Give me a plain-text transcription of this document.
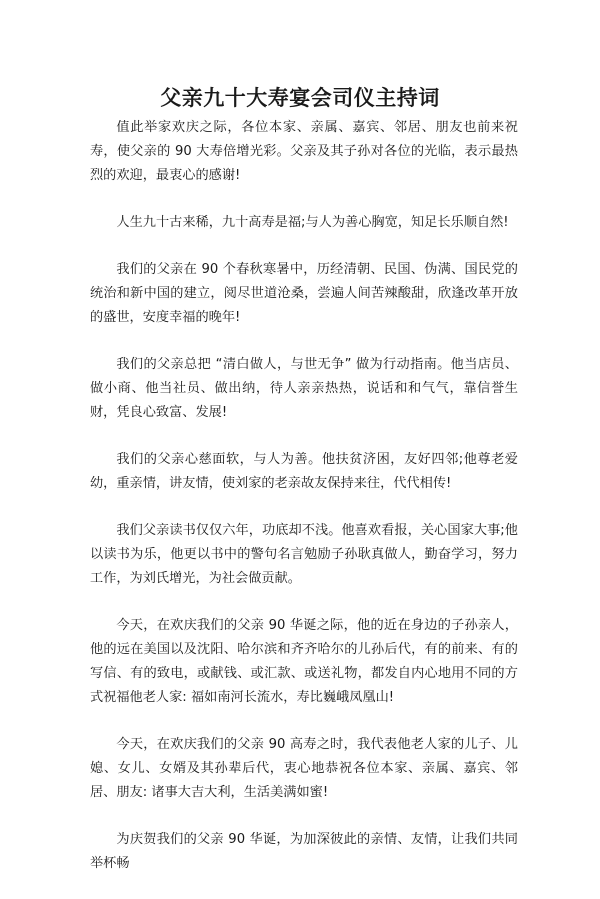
父亲九十大寿宴会司仪主持词

值此举家欢庆之际，各位本家、亲属、嘉宾、邻居、朋友也前来祝寿，使父亲的 90 大寿倍增光彩。父亲及其子孙对各位的光临，表示最热烈的欢迎，最衷心的感谢!

人生九十古来稀，九十高寿是福;与人为善心胸宽，知足长乐顺自然!

我们的父亲在 90 个春秋寒暑中，历经清朝、民国、伪满、国民党的统治和新中国的建立，阅尽世道沧桑，尝遍人间苦辣酸甜，欣逢改革开放的盛世，安度幸福的晚年!

我们的父亲总把 “清白做人，与世无争” 做为行动指南。他当店员、做小商、他当社员、做出纳，待人亲亲热热，说话和和气气，靠信誉生财，凭良心致富、发展!

我们的父亲心慈面软，与人为善。他扶贫济困，友好四邻;他尊老爱幼，重亲情，讲友情，使刘家的老亲故友保持来往，代代相传!

我们父亲读书仅仅六年，功底却不浅。他喜欢看报，关心国家大事;他以读书为乐，他更以书中的警句名言勉励子孙耿真做人，勤奋学习，努力工作，为刘氏增光，为社会做贡献。

今天，在欢庆我们的父亲 90 华诞之际，他的近在身边的子孙亲人，他的远在美国以及沈阳、哈尔滨和齐齐哈尔的儿孙后代，有的前来、有的写信、有的致电，或献钱、或汇款、或送礼物，都发自内心地用不同的方式祝福他老人家: 福如南河长流水，寿比巍峨凤凰山!

今天，在欢庆我们的父亲 90 高寿之时，我代表他老人家的儿子、儿媳、女儿、女婿及其孙辈后代，衷心地恭祝各位本家、亲属、嘉宾、邻居、朋友: 诸事大吉大利，生活美满如蜜!

为庆贺我们的父亲 90 华诞，为加深彼此的亲情、友情，让我们共同举杯畅
